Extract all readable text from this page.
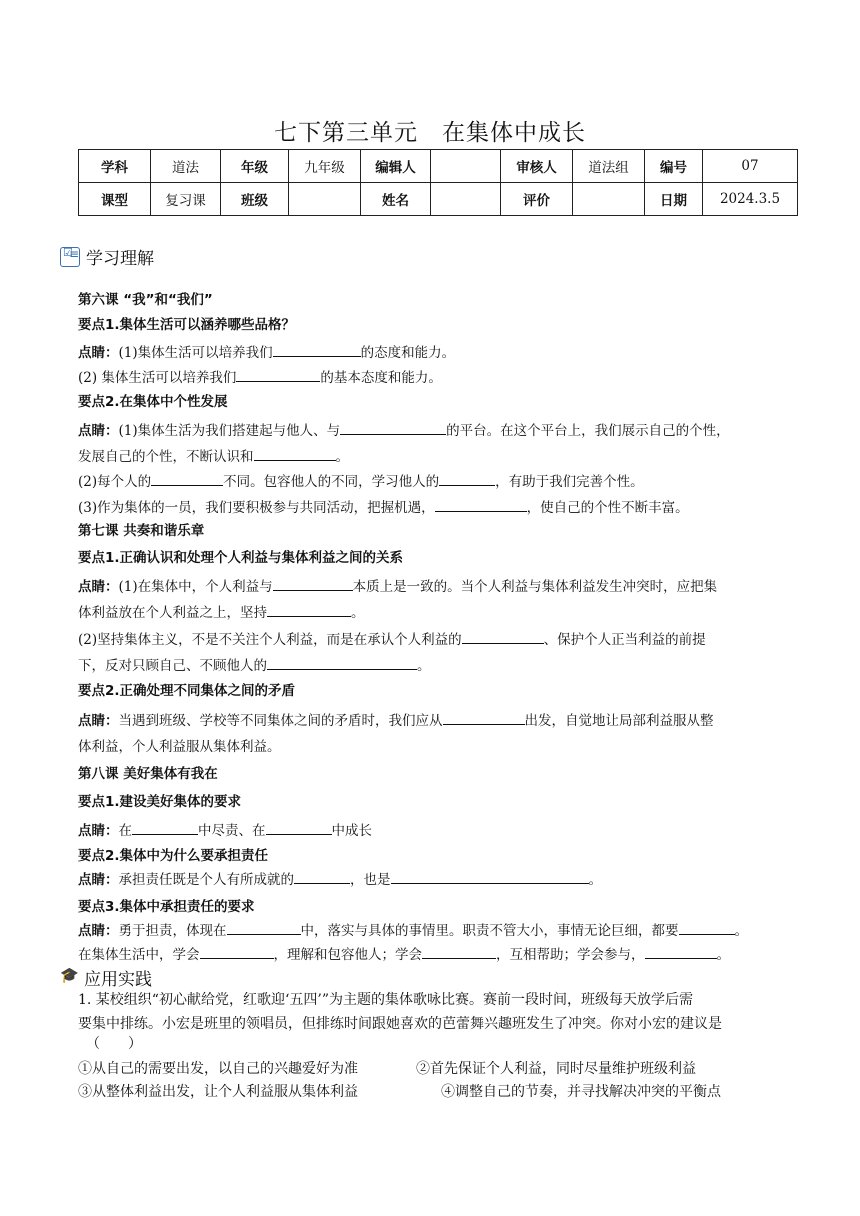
七下第三单元　在集体中成长
学科	道法	年级	九年级	编辑人		审核人	道法组	编号	07
课型	复习课	班级		姓名		评价		日期	2024.3.5
☑ ≡
学习理解
第六课 “我”和“我们”
要点1.集体生活可以涵养哪些品格？
点睛：(1)集体生活可以培养我们	的态度和能力。
(2) 集体生活可以培养我们	的基本态度和能力。
要点2.在集体中个性发展
点睛：(1)集体生活为我们搭建起与他人、与	的平台。在这个平台上，我们展示自己的个性，
发展自己的个性，不断认识和	。
(2)每个人的	不同。包容他人的不同，学习他人的	，有助于我们完善个性。
(3)作为集体的一员，我们要积极参与共同活动，把握机遇，	，使自己的个性不断丰富。
第七课 共奏和谐乐章
要点1.正确认识和处理个人利益与集体利益之间的关系
点睛：(1)在集体中，个人利益与	本质上是一致的。当个人利益与集体利益发生冲突时，应把集
体利益放在个人利益之上，坚持	。
(2)坚持集体主义，不是不关注个人利益，而是在承认个人利益的	、保护个人正当利益的前提
下，反对只顾自己、不顾他人的	。
要点2.正确处理不同集体之间的矛盾
点睛：当遇到班级、学校等不同集体之间的矛盾时，我们应从	出发，自觉地让局部利益服从整
体利益，个人利益服从集体利益。
第八课 美好集体有我在
要点1.建设美好集体的要求
点睛：在	中尽责、在	中成长
要点2.集体中为什么要承担责任
点睛：承担责任既是个人有所成就的	，也是	。
要点3.集体中承担责任的要求
点睛：勇于担责，体现在	中，落实与具体的事情里。职责不管大小，事情无论巨细，都要	。
在集体生活中，学会	，理解和包容他人；学会	，互相帮助；学会参与，	。
🎓
应用实践
1. 某校组织“初心献给党，红歌迎‘五四’”为主题的集体歌咏比赛。赛前一段时间，班级每天放学后需
要集中排练。小宏是班里的领唱员，但排练时间跟她喜欢的芭蕾舞兴趣班发生了冲突。你对小宏的建议是
（　　）
①从自己的需要出发，以自己的兴趣爱好为准	②首先保证个人利益，同时尽量维护班级利益
③从整体利益出发，让个人利益服从集体利益	④调整自己的节奏，并寻找解决冲突的平衡点
